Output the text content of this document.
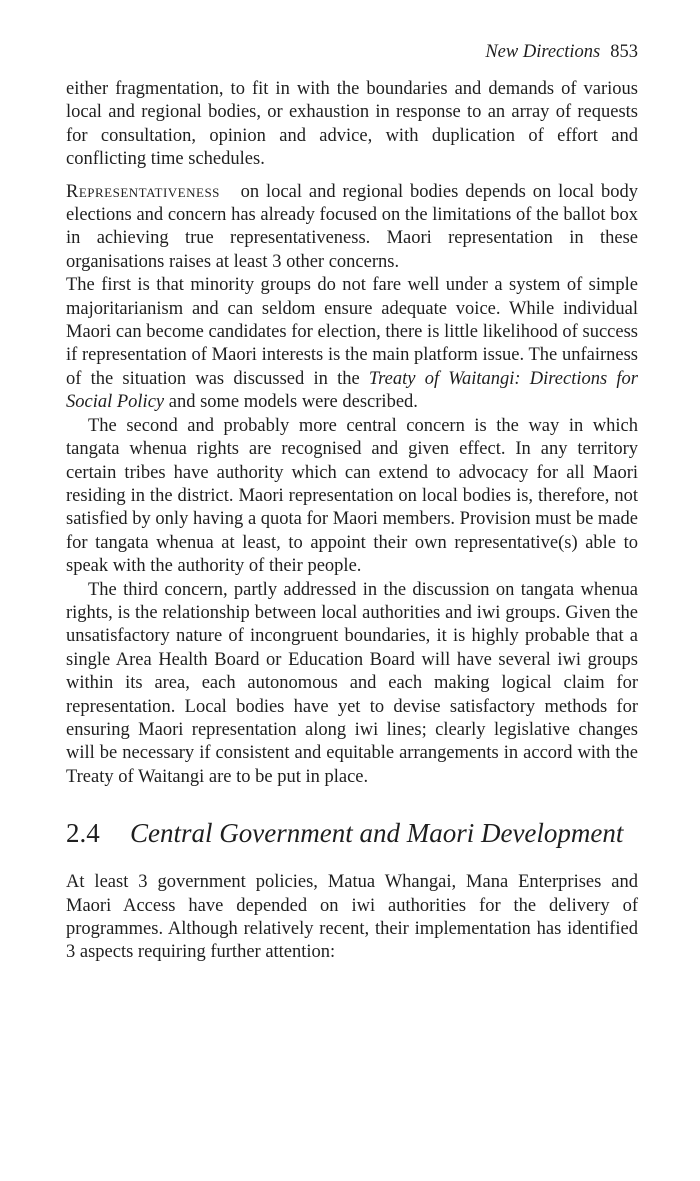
New Directions 853

either fragmentation, to fit in with the boundaries and demands of various local and regional bodies, or exhaustion in response to an array of requests for consultation, opinion and advice, with duplication of effort and conflicting time schedules.

Representativeness on local and regional bodies depends on local body elections and concern has already focused on the limitations of the ballot box in achieving true representativeness. Maori representation in these organisations raises at least 3 other concerns.

The first is that minority groups do not fare well under a system of simple majoritarianism and can seldom ensure adequate voice. While individual Maori can become candidates for election, there is little likelihood of success if representation of Maori interests is the main platform issue. The unfairness of the situation was discussed in the Treaty of Waitangi: Directions for Social Policy and some models were described.

The second and probably more central concern is the way in which tangata whenua rights are recognised and given effect. In any territory certain tribes have authority which can extend to advocacy for all Maori residing in the district. Maori representation on local bodies is, therefore, not satisfied by only having a quota for Maori members. Provision must be made for tangata whenua at least, to appoint their own representative(s) able to speak with the authority of their people.

The third concern, partly addressed in the discussion on tangata whenua rights, is the relationship between local authorities and iwi groups. Given the unsatisfactory nature of incongruent boundaries, it is highly probable that a single Area Health Board or Education Board will have several iwi groups within its area, each autonomous and each making logical claim for representation. Local bodies have yet to devise satisfactory methods for ensuring Maori representation along iwi lines; clearly legislative changes will be necessary if consistent and equitable arrangements in accord with the Treaty of Waitangi are to be put in place.

2.4 Central Government and Maori Development

At least 3 government policies, Matua Whangai, Mana Enterprises and Maori Access have depended on iwi authorities for the delivery of programmes. Although relatively recent, their implementation has identified 3 aspects requiring further attention:
